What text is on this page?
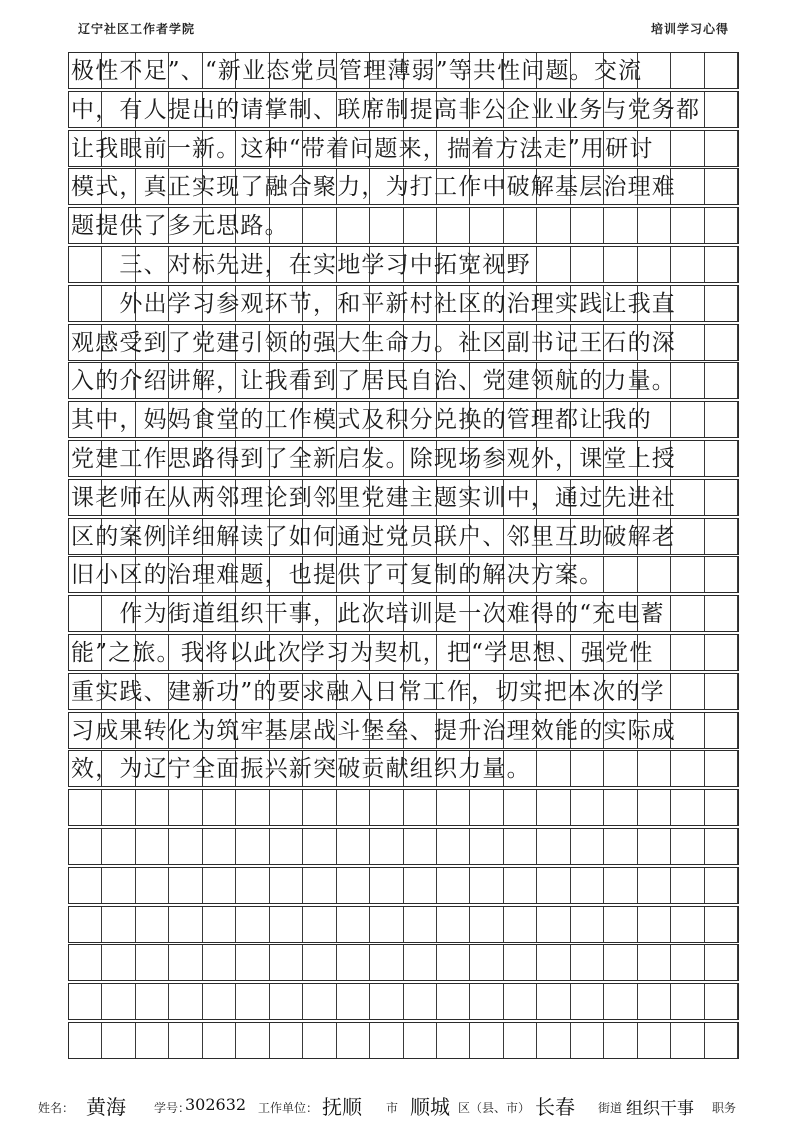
辽宁社区工作者学院	培训学习心得
极性不足”、“新业态党员管理薄弱”等共性问题。交流
中，有人提出的请掌制、联席制提高非公企业业务与党务都
让我眼前一新。这种“带着问题来，揣着方法走”用研讨
模式，真正实现了融合聚力，为打工作中破解基层治理难
题提供了多元思路。
　　三、对标先进，在实地学习中拓宽视野
　　外出学习参观环节，和平新村社区的治理实践让我直
观感受到了党建引领的强大生命力。社区副书记王石的深
入的介绍讲解，让我看到了居民自治、党建领航的力量。
其中，妈妈食堂的工作模式及积分兑换的管理都让我的
党建工作思路得到了全新启发。除现场参观外，课堂上授
课老师在从两邻理论到邻里党建主题实训中，通过先进社
区的案例详细解读了如何通过党员联户、邻里互助破解老
旧小区的治理难题，也提供了可复制的解决方案。
　　作为街道组织干事，此次培训是一次难得的“充电蓄
能”之旅。我将以此次学习为契机，把“学思想、强党性
重实践、建新功”的要求融入日常工作，切实把本次的学
习成果转化为筑牢基层战斗堡垒、提升治理效能的实际成
效，为辽宁全面振兴新突破贡献组织力量。
姓名： 黄海 学号：
302632 工作单位： 抚顺 市 顺城 区（县、市） 长春 街道 组织干事 职务
